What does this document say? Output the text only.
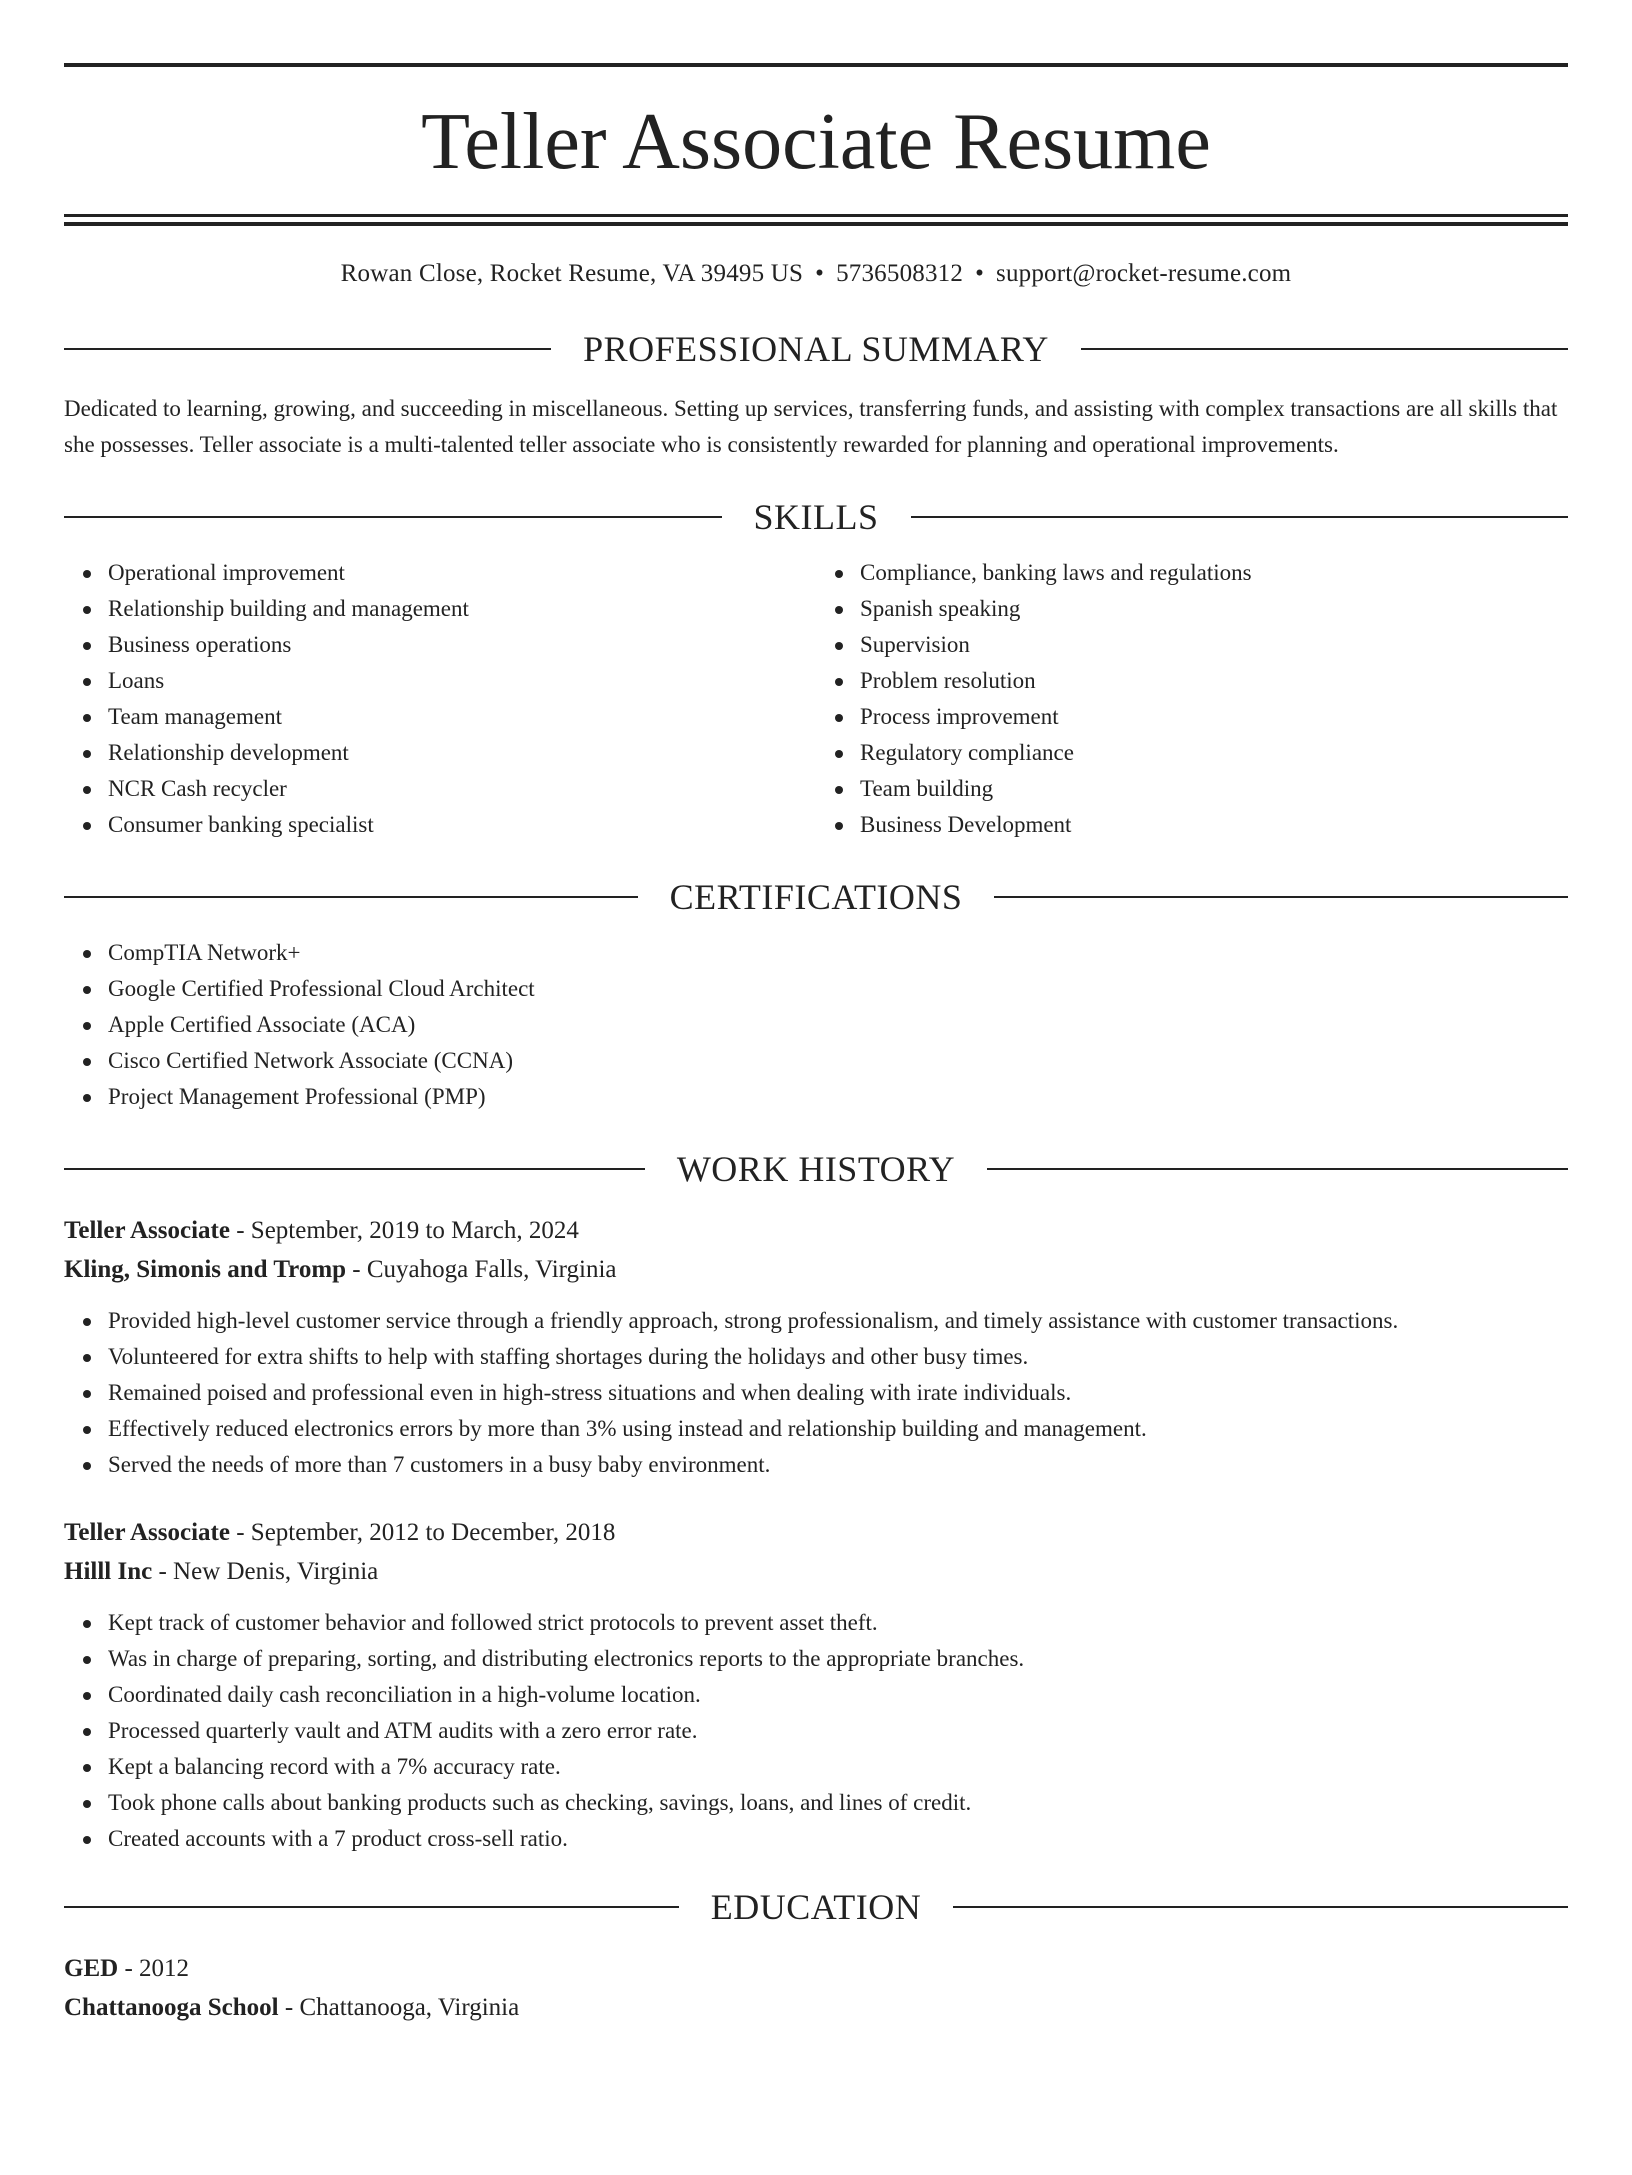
Teller Associate Resume
Rowan Close, Rocket Resume, VA 39495 US • 5736508312 • support@rocket-resume.com
PROFESSIONAL SUMMARY
Dedicated to learning, growing, and succeeding in miscellaneous. Setting up services, transferring funds, and assisting with complex transactions are all skills that she possesses. Teller associate is a multi-talented teller associate who is consistently rewarded for planning and operational improvements.
SKILLS
Operational improvement
Relationship building and management
Business operations
Loans
Team management
Relationship development
NCR Cash recycler
Consumer banking specialist
Compliance, banking laws and regulations
Spanish speaking
Supervision
Problem resolution
Process improvement
Regulatory compliance
Team building
Business Development
CERTIFICATIONS
CompTIA Network+
Google Certified Professional Cloud Architect
Apple Certified Associate (ACA)
Cisco Certified Network Associate (CCNA)
Project Management Professional (PMP)
WORK HISTORY
Teller Associate - September, 2019 to March, 2024
Kling, Simonis and Tromp - Cuyahoga Falls, Virginia
Provided high-level customer service through a friendly approach, strong professionalism, and timely assistance with customer transactions.
Volunteered for extra shifts to help with staffing shortages during the holidays and other busy times.
Remained poised and professional even in high-stress situations and when dealing with irate individuals.
Effectively reduced electronics errors by more than 3% using instead and relationship building and management.
Served the needs of more than 7 customers in a busy baby environment.
Teller Associate - September, 2012 to December, 2018
Hilll Inc - New Denis, Virginia
Kept track of customer behavior and followed strict protocols to prevent asset theft.
Was in charge of preparing, sorting, and distributing electronics reports to the appropriate branches.
Coordinated daily cash reconciliation in a high-volume location.
Processed quarterly vault and ATM audits with a zero error rate.
Kept a balancing record with a 7% accuracy rate.
Took phone calls about banking products such as checking, savings, loans, and lines of credit.
Created accounts with a 7 product cross-sell ratio.
EDUCATION
GED - 2012
Chattanooga School - Chattanooga, Virginia
